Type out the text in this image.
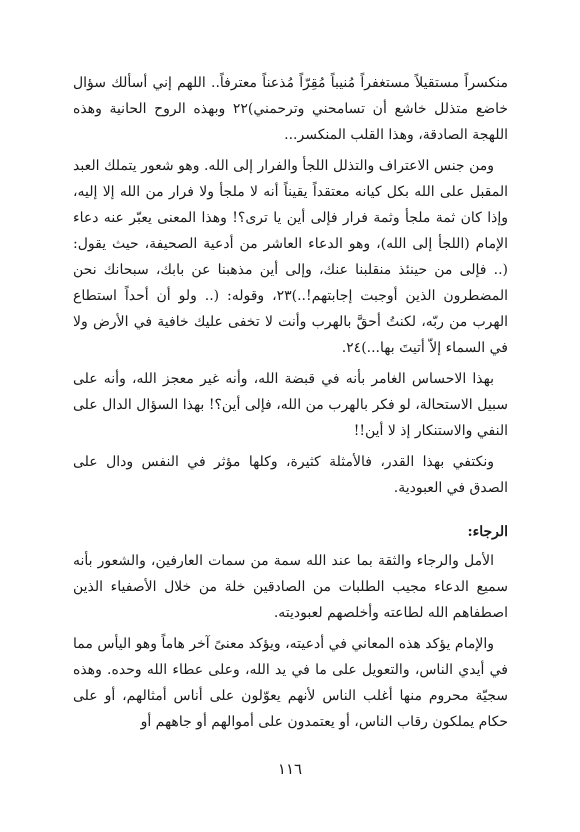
منكسراً مستقيلاً مستغفراً مُنيباً مُقِرّاً مُذعناً معترفاً.. اللهم إني أسألك سؤال خاضع متذلل خاشع أن تسامحني وترحمني)٢٢ وبهذه الروح الحانية وهذه اللهجة الصادقة، وهذا القلب المنكسر...

ومن جنس الاعتراف والتذلل اللجأ والفرار إلى الله. وهو شعور يتملك العبد المقبل على الله بكل كيانه معتقداً يقيناً أنه لا ملجأ ولا فرار من الله إلا إليه، وإذا كان ثمة ملجأ وثمة فرار فإلى أين يا ترى؟! وهذا المعنى يعبّر عنه دعاء الإمام (اللجأ إلى الله)، وهو الدعاء العاشر من أدعية الصحيفة، حيث يقول: (.. فإلى من حينئذ منقلبنا عنك، وإلى أين مذهبنا عن بابك، سبحانك نحن المضطرون الذين أوجبت إجابتهم!..)٢٣، وقوله: (.. ولو أن أحداً استطاع الهرب من ربّه، لكنتُ أحقَّ بالهرب وأنت لا تخفى عليك خافية في الأرض ولا في السماء إلاّ أتيتَ بها...)٢٤.

بهذا الاحساس الغامر بأنه في قبضة الله، وأنه غير معجز الله، وأنه على سبيل الاستحالة، لو فكر بالهرب من الله، فإلى أين؟! بهذا السؤال الدال على النفي والاستنكار إذ لا أين!!

ونكتفي بهذا القدر، فالأمثلة كثيرة، وكلها مؤثر في النفس ودال على الصدق في العبودية.

الرجاء:

الأمل والرجاء والثقة بما عند الله سمة من سمات العارفين، والشعور بأنه سميع الدعاء مجيب الطلبات من الصادقين خلة من خلال الأصفياء الذين اصطفاهم الله لطاعته وأخلصهم لعبوديته.

والإمام يؤكد هذه المعاني في أدعيته، ويؤكد معنىً آخر هاماً وهو اليأس مما في أيدي الناس، والتعويل على ما في يد الله، وعلى عطاء الله وحده. وهذه سجيّة محروم منها أغلب الناس لأنهم يعوّلون على أناس أمثالهم، أو على حكام يملكون رقاب الناس، أو يعتمدون على أموالهم أو جاههم أو

١١٦
